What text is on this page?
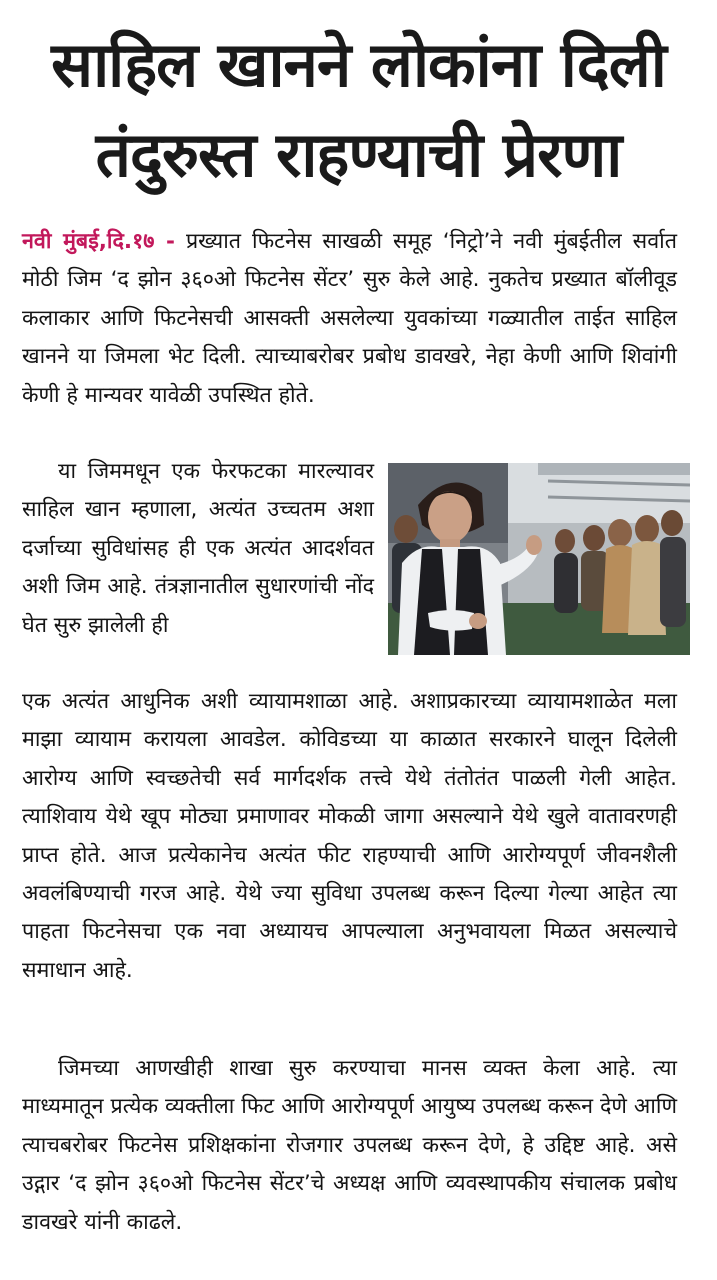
साहिल खानने लोकांना दिली
तंदुरुस्त राहण्याची प्रेरणा
नवी मुंबई,दि.१७ - प्रख्यात फिटनेस साखळी समूह ‘निट्रो’ने नवी मुंबईतील सर्वात मोठी जिम ‘द झोन ३६०ओ फिटनेस सेंटर’ सुरु केले आहे. नुकतेच प्रख्यात बॉलीवूड कलाकार आणि फिटनेसची आसक्ती असलेल्या युवकांच्या गळ्यातील ताईत साहिल खानने या जिमला भेट दिली. त्याच्याबरोबर प्रबोध डावखरे, नेहा केणी आणि शिवांगी केणी हे मान्यवर यावेळी उपस्थित होते.
या जिममधून एक फेरफटका मारल्यावर साहिल खान म्हणाला, अत्यंत उच्चतम अशा दर्जाच्या सुविधांसह ही एक अत्यंत आदर्शवत अशी जिम आहे. तंत्रज्ञानातील सुधारणांची नोंद घेत सुरु झालेली ही
एक अत्यंत आधुनिक अशी व्यायामशाळा आहे. अशाप्रकारच्या व्यायामशाळेत मला माझा व्यायाम करायला आवडेल. कोविडच्या या काळात सरकारने घालून दिलेली आरोग्य आणि स्वच्छतेची सर्व मार्गदर्शक तत्त्वे येथे तंतोतंत पाळली गेली आहेत. त्याशिवाय येथे खूप मोठ्या प्रमाणावर मोकळी जागा असल्याने येथे खुले वातावरणही प्राप्त होते. आज प्रत्येकानेच अत्यंत फीट राहण्याची आणि आरोग्यपूर्ण जीवनशैली अवलंबिण्याची गरज आहे. येथे ज्या सुविधा उपलब्ध करून दिल्या गेल्या आहेत त्या पाहता फिटनेसचा एक नवा अध्यायच आपल्याला अनुभवायला मिळत असल्याचे समाधान आहे.
जिमच्या आणखीही शाखा सुरु करण्याचा मानस व्यक्त केला आहे. त्या माध्यमातून प्रत्येक व्यक्तीला फिट आणि आरोग्यपूर्ण आयुष्य उपलब्ध करून देणे आणि त्याचबरोबर फिटनेस प्रशिक्षकांना रोजगार उपलब्ध करून देणे, हे उद्दिष्ट आहे. असे उद्गार ‘द झोन ३६०ओ फिटनेस सेंटर’चे अध्यक्ष आणि व्यवस्थापकीय संचालक प्रबोध डावखरे यांनी काढले.
